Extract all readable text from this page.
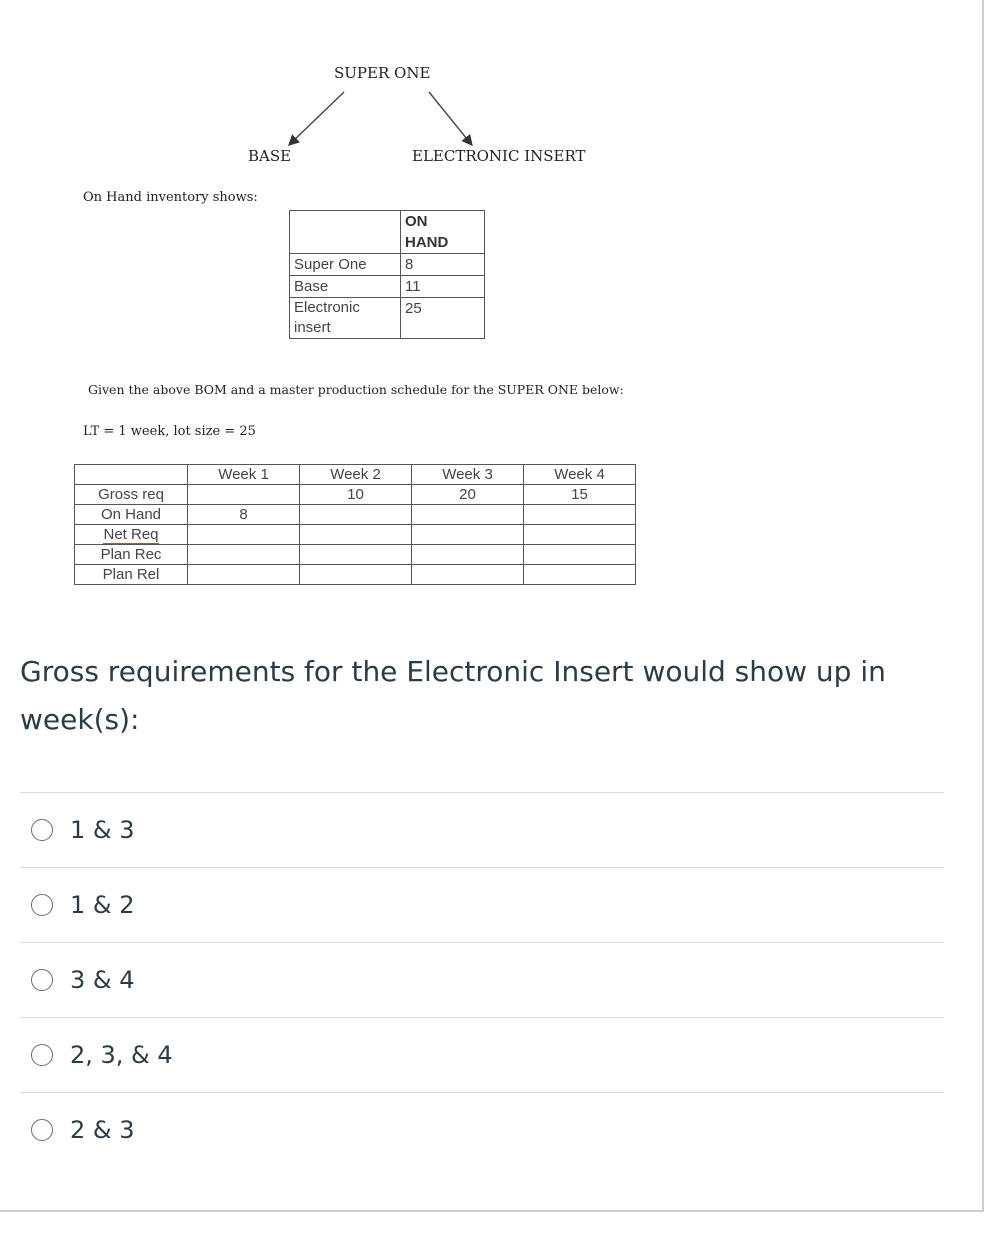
SUPER ONE
BASE	ELECTRONIC INSERT
On Hand inventory shows:

	ON
HAND

Super One	8
Base	11
Electronic insert	25
Given the above BOM and a master production schedule for the SUPER ONE below:
LT = 1 week, lot size = 25
	Week 1	Week 2	Week 3	Week 4
Gross req		10	20	15
On Hand	8			
Net Req				
Plan Rec				
Plan Rel				
Gross requirements for the Electronic Insert would show up in week(s):
1 & 3
1 & 2
3 & 4
2, 3, & 4
2 & 3
